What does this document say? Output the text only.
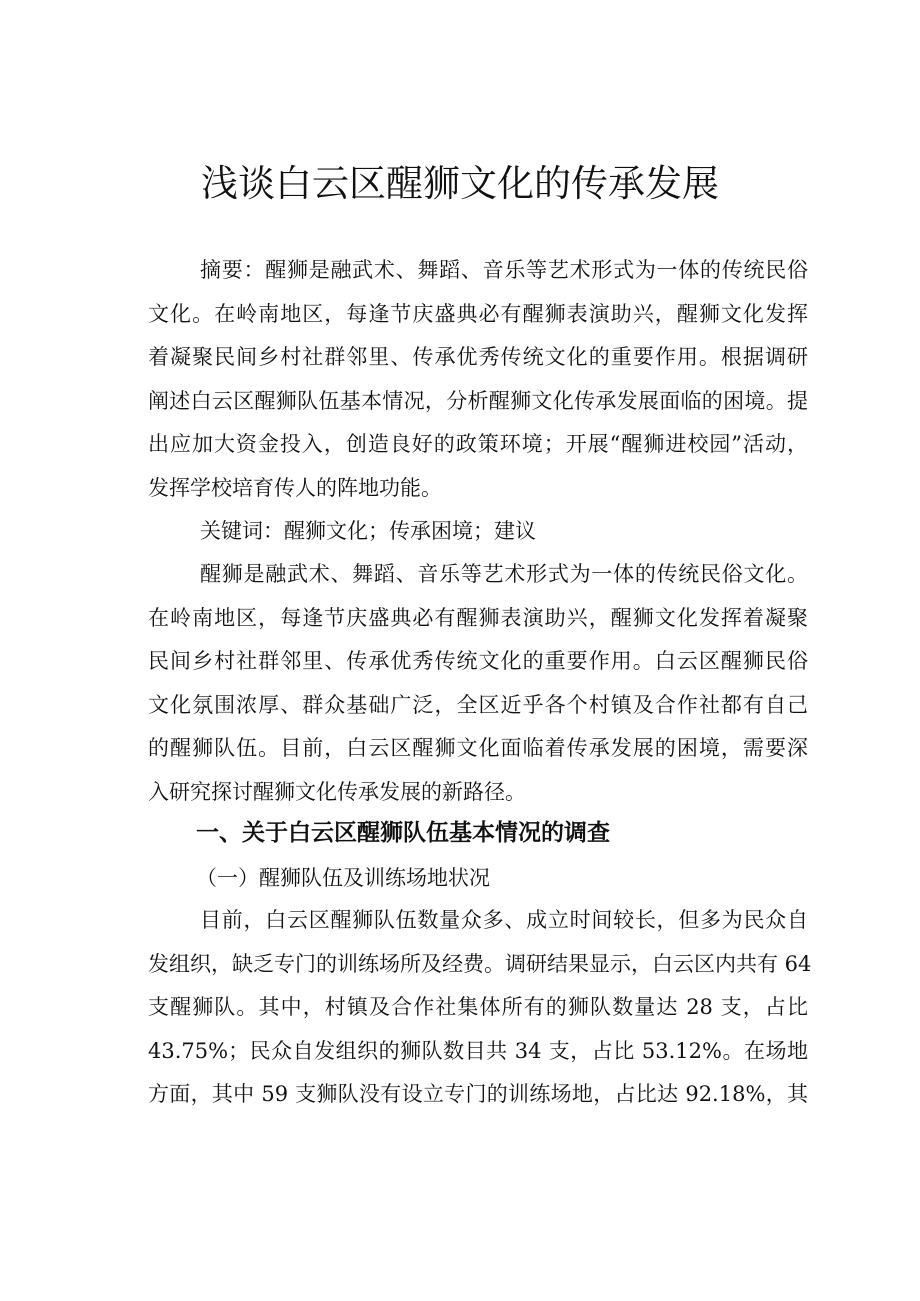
浅谈白云区醒狮文化的传承发展
摘要：醒狮是融武术、舞蹈、音乐等艺术形式为一体的传统民俗
文化。在岭南地区，每逢节庆盛典必有醒狮表演助兴，醒狮文化发挥
着凝聚民间乡村社群邻里、传承优秀传统文化的重要作用。根据调研
阐述白云区醒狮队伍基本情况，分析醒狮文化传承发展面临的困境。提
出应加大资金投入，创造良好的政策环境；开展“醒狮进校园”活动，
发挥学校培育传人的阵地功能。
关键词：醒狮文化；传承困境；建议
醒狮是融武术、舞蹈、音乐等艺术形式为一体的传统民俗文化。
在岭南地区，每逢节庆盛典必有醒狮表演助兴，醒狮文化发挥着凝聚
民间乡村社群邻里、传承优秀传统文化的重要作用。白云区醒狮民俗
文化氛围浓厚、群众基础广泛，全区近乎各个村镇及合作社都有自己
的醒狮队伍。目前，白云区醒狮文化面临着传承发展的困境，需要深
入研究探讨醒狮文化传承发展的新路径。
一、关于白云区醒狮队伍基本情况的调查
（一）醒狮队伍及训练场地状况
目前，白云区醒狮队伍数量众多、成立时间较长，但多为民众自
发组织，缺乏专门的训练场所及经费。调研结果显示，白云区内共有 64
支醒狮队。其中，村镇及合作社集体所有的狮队数量达 28 支，占比
43.75%；民众自发组织的狮队数目共 34 支，占比 53.12%。在场地
方面，其中 59 支狮队没有设立专门的训练场地，占比达 92.18%，其
